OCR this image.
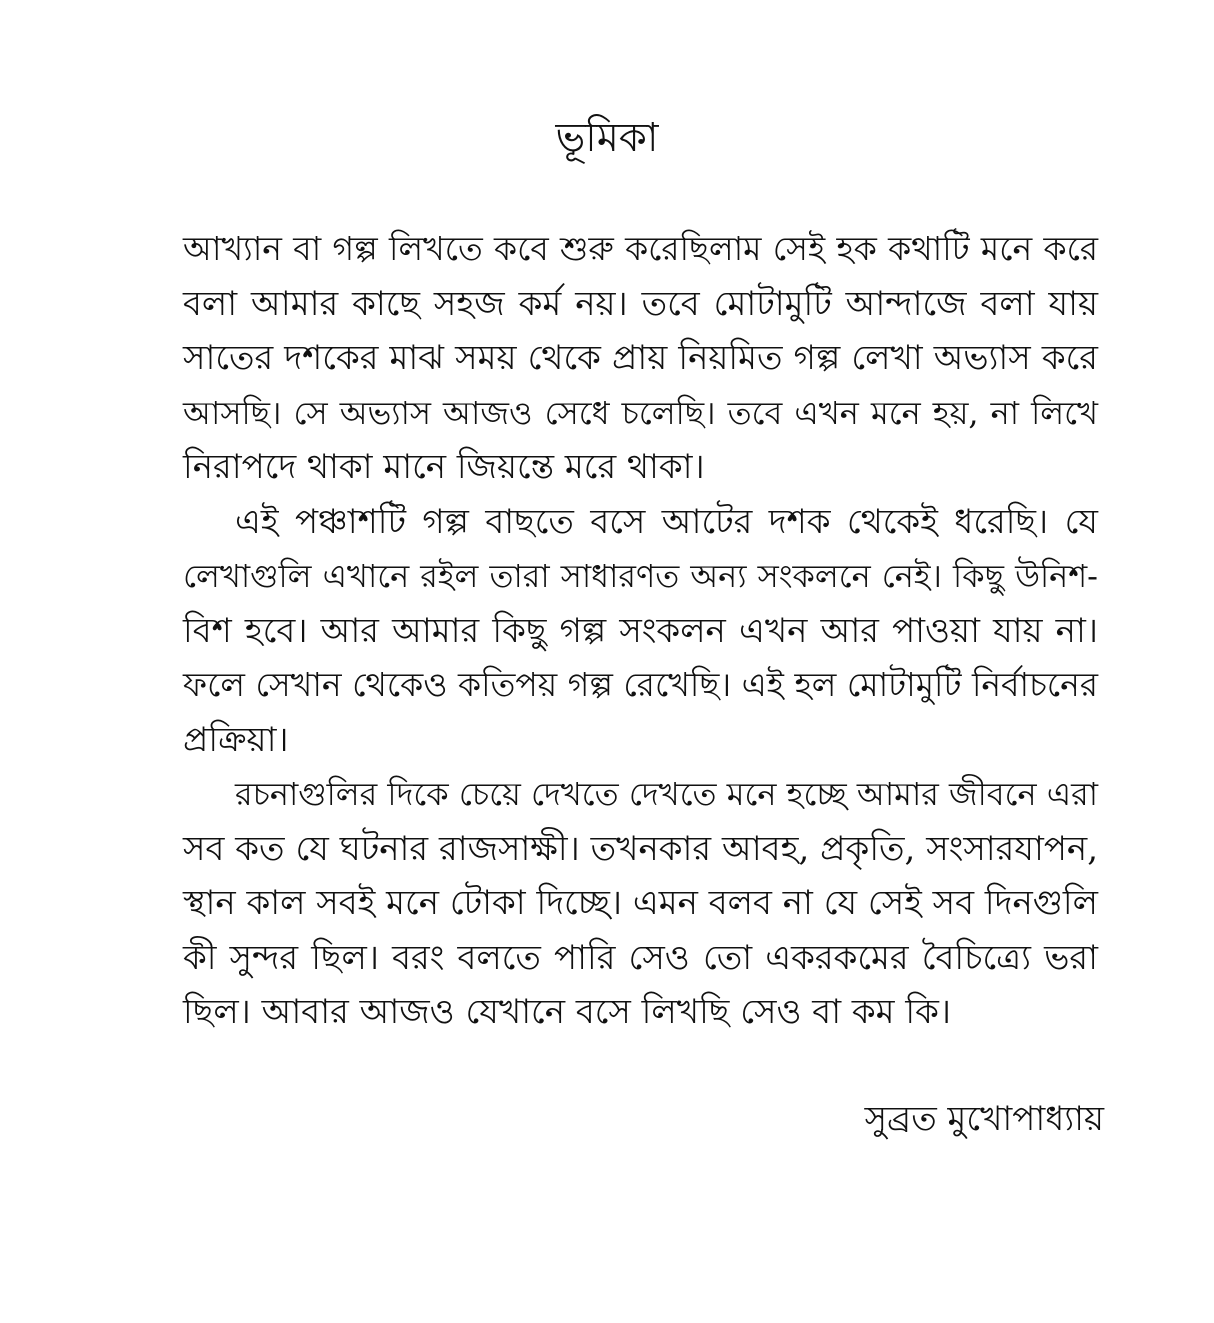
ভূমিকা
আখ্যান বা গল্প লিখতে কবে শুরু করেছিলাম সেই হক কথাটি মনে করে
বলা আমার কাছে সহজ কর্ম নয়। তবে মোটামুটি আন্দাজে বলা যায়
সাতের দশকের মাঝ সময় থেকে প্রায় নিয়মিত গল্প লেখা অভ্যাস করে
আসছি। সে অভ্যাস আজও সেধে চলেছি। তবে এখন মনে হয়, না লিখে
নিরাপদে থাকা মানে জিয়ন্তে মরে থাকা।
এই পঞ্চাশটি গল্প বাছতে বসে আটের দশক থেকেই ধরেছি। যে
লেখাগুলি এখানে রইল তারা সাধারণত অন্য সংকলনে নেই। কিছু উনিশ-
বিশ হবে। আর আমার কিছু গল্প সংকলন এখন আর পাওয়া যায় না।
ফলে সেখান থেকেও কতিপয় গল্প রেখেছি। এই হল মোটামুটি নির্বাচনের
প্রক্রিয়া।
রচনাগুলির দিকে চেয়ে দেখতে দেখতে মনে হচ্ছে আমার জীবনে এরা
সব কত যে ঘটনার রাজসাক্ষী। তখনকার আবহ, প্রকৃতি, সংসারযাপন,
স্থান কাল সবই মনে টোকা দিচ্ছে। এমন বলব না যে সেই সব দিনগুলি
কী সুন্দর ছিল। বরং বলতে পারি সেও তো একরকমের বৈচিত্র্যে ভরা
ছিল। আবার আজও যেখানে বসে লিখছি সেও বা কম কি।
সুব্রত মুখোপাধ্যায়
